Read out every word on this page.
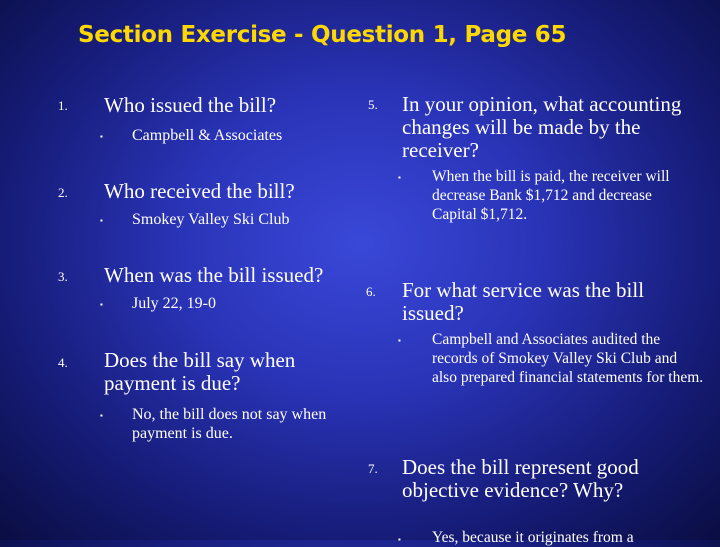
Section Exercise - Question 1, Page 65
1. Who issued the bill?

▪ Campbell & Associates

2. Who received the bill?

▪ Smokey Valley Ski Club

3. When was the bill issued?

▪ July 22, 19-0

4. Does the bill say when payment is due?

▪ No, the bill does not say when payment is due.

5. In your opinion, what accounting changes will be made by the receiver?

▪ When the bill is paid, the receiver will decrease Bank $1,712 and decrease Capital $1,712.

6. For what service was the bill issued?

▪ Campbell and Associates audited the records of Smokey Valley Ski Club and also prepared financial statements for them.

7. Does the bill represent good objective evidence? Why?

▪ Yes, because it originates from a
